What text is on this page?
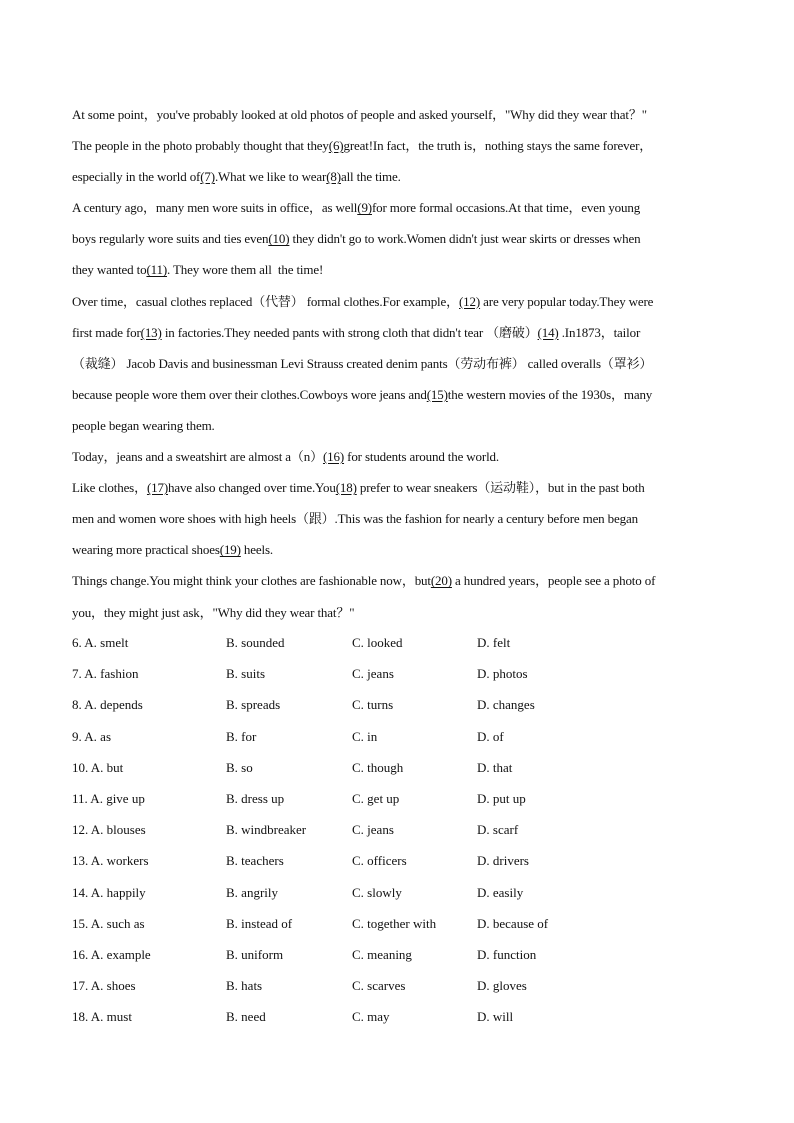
At some point，you've probably looked at old photos of people and asked yourself，"Why did they wear that？"
The people in the photo probably thought that they(6)great!In fact，the truth is，nothing stays the same forever，
especially in the world of(7).What we like to wear(8)all the time.
A century ago，many men wore suits in office，as well(9)for more formal occasions.At that time，even young
boys regularly wore suits and ties even(10) they didn't go to work.Women didn't just wear skirts or dresses when
they wanted to(11). They wore them all  the time!
Over time，casual clothes replaced（代替） formal clothes.For example，(12) are very popular today.They were
first made for(13) in factories.They needed pants with strong cloth that didn't tear （磨破）(14) .In1873，tailor
（裁缝） Jacob Davis and businessman Levi Strauss created denim pants（劳动布裤） called overalls（罩衫）
because people wore them over their clothes.Cowboys wore jeans and(15)the western movies of the 1930s，many
people began wearing them.
Today，jeans and a sweatshirt are almost a（n）(16) for students around the world.
Like clothes，(17)have also changed over time.You(18) prefer to wear sneakers（运动鞋），but in the past both
men and women wore shoes with high heels（跟）.This was the fashion for nearly a century before men began
wearing more practical shoes(19) heels.
Things change.You might think your clothes are fashionable now，but(20) a hundred years，people see a photo of
you，they might just ask，"Why did they wear that？"
6. A. smelt	B. sounded	C. looked	D. felt
7. A. fashion	B. suits	C. jeans	D. photos
8. A. depends	B. spreads	C. turns	D. changes
9. A. as	B. for	C. in	D. of
10. A. but	B. so	C. though	D. that
11. A. give up	B. dress up	C. get up	D. put up
12. A. blouses	B. windbreaker	C. jeans	D. scarf
13. A. workers	B. teachers	C. officers	D. drivers
14. A. happily	B. angrily	C. slowly	D. easily
15. A. such as	B. instead of	C. together with	D. because of
16. A. example	B. uniform	C. meaning	D. function
17. A. shoes	B. hats	C. scarves	D. gloves
18. A. must	B. need	C. may	D. will
